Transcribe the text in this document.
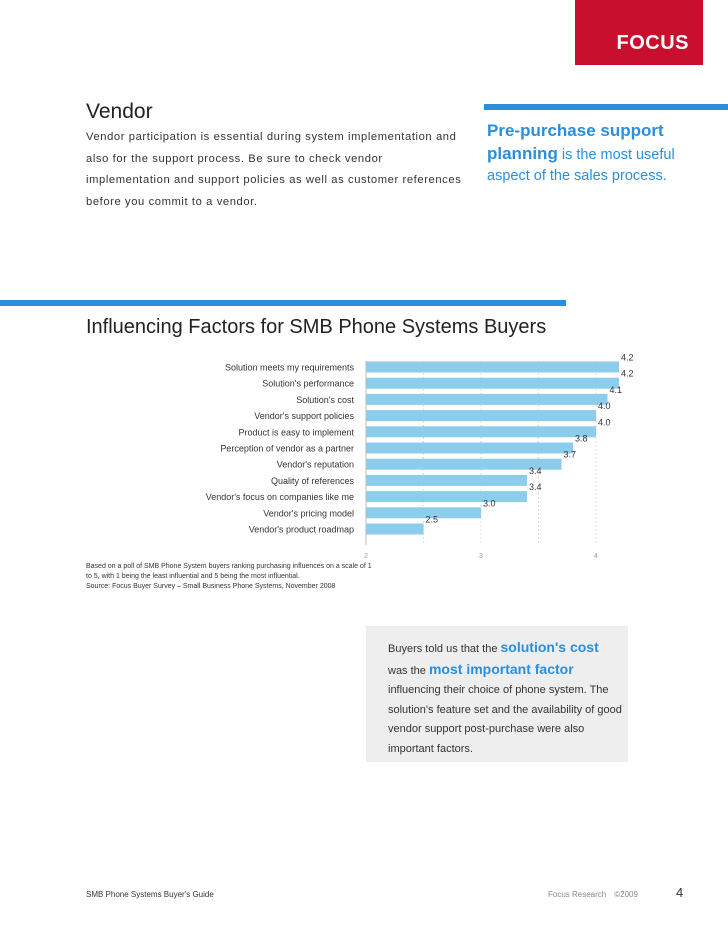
FOCUS
Vendor
Vendor participation is essential during system implementation and also for the support process. Be sure to check vendor implementation and support policies as well as customer references before you commit to a vendor.
Pre-purchase support planning is the most useful aspect of the sales process.
Influencing Factors for SMB Phone Systems Buyers
Solution meets my requirements
4.2
Solution's performance
4.2
Solution's cost
4.1
Vendor's support policies
4.0
Product is easy to implement
4.0
Perception of vendor as a partner
3.8
Vendor's reputation
3.7
Quality of references
3.4
Vendor's focus on companies like me
3.4
Vendor's pricing model
3.0
Vendor's product roadmap
2.5
2	3	4
Based on a poll of SMB Phone System buyers ranking purchasing influences on a scale of 1 to 5, with 1 being the least influential and 5 being the most influential.
Source: Focus Buyer Survey – Small Business Phone Systems, November 2008
Buyers told us that the solution's cost
was the most important factor
influencing their choice of phone system. The solution's feature set and the availability of good vendor support post-purchase were also important factors.
SMB Phone Systems Buyer's Guide	Focus Research ©2009	4
